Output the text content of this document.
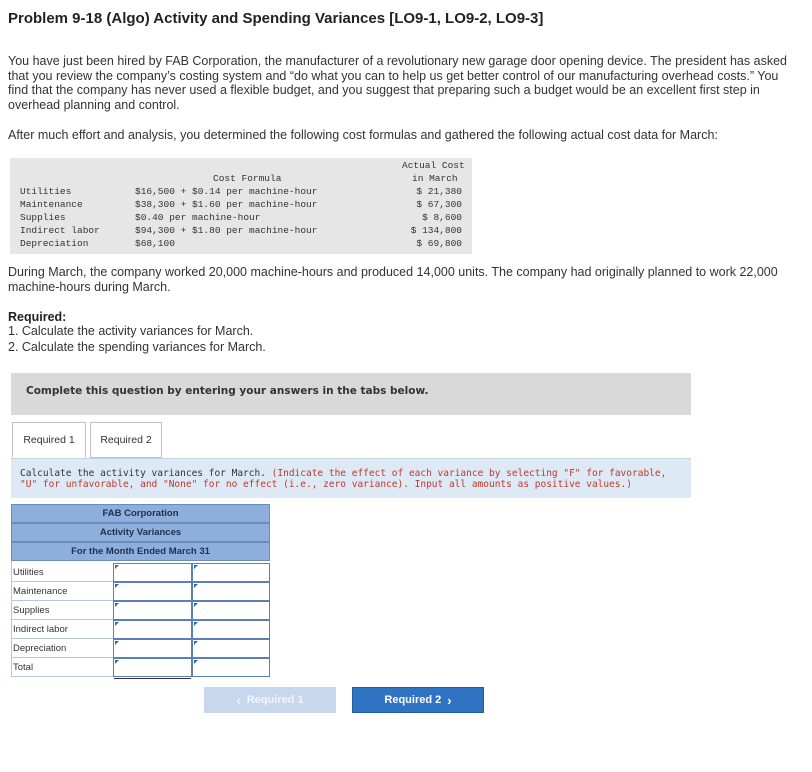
Problem 9-18 (Algo) Activity and Spending Variances [LO9-1, LO9-2, LO9-3]
You have just been hired by FAB Corporation, the manufacturer of a revolutionary new garage door opening device. The president has asked that you review the company’s costing system and “do what you can to help us get better control of our manufacturing overhead costs.” You find that the company has never used a flexible budget, and you suggest that preparing such a budget would be an excellent first step in overhead planning and control.
After much effort and analysis, you determined the following cost formulas and gathered the following actual cost data for March:
Cost Formula
Actual Cost
in March
Utilities	$16,500 + $0.14 per machine-hour	$ 21,380
Maintenance	$38,300 + $1.60 per machine-hour	$ 67,300
Supplies	$0.40 per machine-hour	$ 8,600
Indirect labor	$94,300 + $1.80 per machine-hour	$ 134,800
Depreciation	$68,100	$ 69,800
During March, the company worked 20,000 machine-hours and produced 14,000 units. The company had originally planned to work 22,000 machine-hours during March.
Required:
1. Calculate the activity variances for March.
2. Calculate the spending variances for March.
Complete this question by entering your answers in the tabs below.
Required 1	Required 2

Calculate the activity variances for March. (Indicate the effect of each variance by selecting "F" for favorable, "U" for unfavorable, and "None" for no effect (i.e., zero variance). Input all amounts as positive values.)

FAB Corporation
Activity Variances
For the Month Ended March 31
Utilities
Maintenance
Supplies
Indirect labor
Depreciation
Total
‹ Required 1	Required 2 ›
